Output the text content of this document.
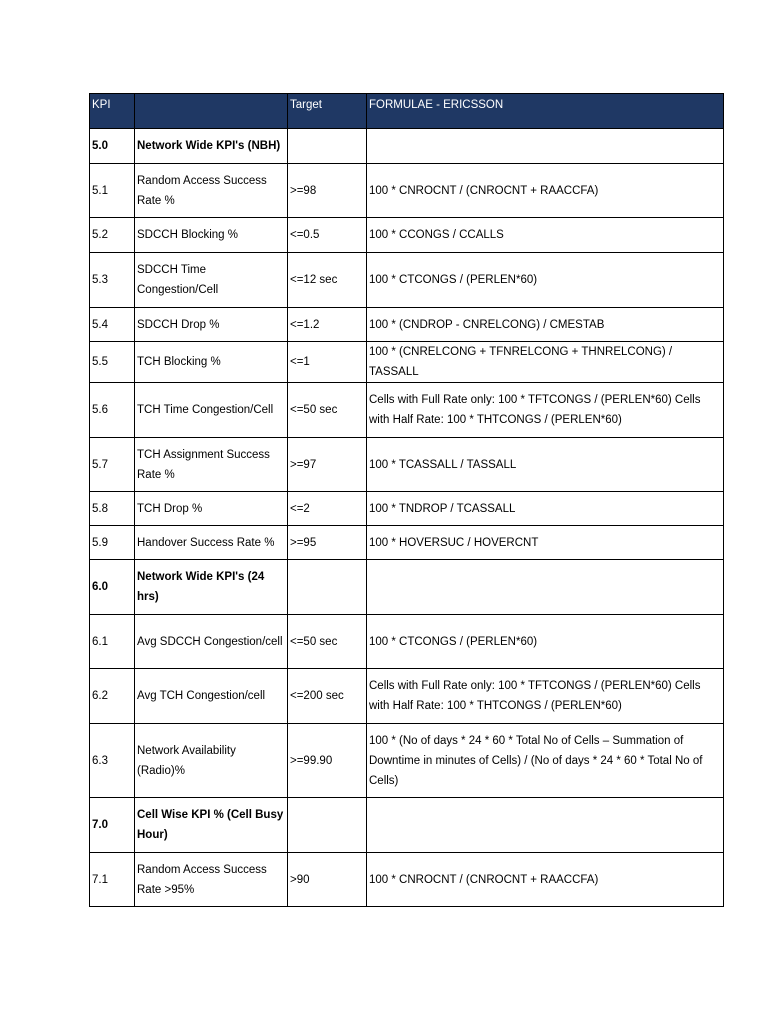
KPI		Target	FORMULAE - ERICSSON
5.0	Network Wide KPI's (NBH)		
5.1	Random Access Success Rate %	>=98	100 * CNROCNT / (CNROCNT + RAACCFA)
5.2	SDCCH Blocking %	<=0.5	100 * CCONGS / CCALLS
5.3	SDCCH Time Congestion/Cell	<=12 sec	100 * CTCONGS / (PERLEN*60)
5.4	SDCCH Drop %	<=1.2	100 * (CNDROP - CNRELCONG) / CMESTAB
5.5	TCH Blocking %	<=1	100 * (CNRELCONG + TFNRELCONG + THNRELCONG) / TASSALL
5.6	TCH Time Congestion/Cell	<=50 sec	Cells with Full Rate only: 100 * TFTCONGS / (PERLEN*60) Cells with Half Rate: 100 * THTCONGS / (PERLEN*60)
5.7	TCH Assignment Success Rate %	>=97	100 * TCASSALL / TASSALL
5.8	TCH Drop %	<=2	100 * TNDROP / TCASSALL
5.9	Handover Success Rate %	>=95	100 * HOVERSUC / HOVERCNT
6.0	Network Wide KPI's (24 hrs)		
6.1	Avg SDCCH Congestion/cell	<=50 sec	100 * CTCONGS / (PERLEN*60)
6.2	Avg TCH Congestion/cell	<=200 sec	Cells with Full Rate only: 100 * TFTCONGS / (PERLEN*60) Cells with Half Rate: 100 * THTCONGS / (PERLEN*60)
6.3	Network Availability (Radio)%	>=99.90	100 * (No of days * 24 * 60 * Total No of Cells – Summation of Downtime in minutes of Cells) / (No of days * 24 * 60 * Total No of Cells)
7.0	Cell Wise KPI % (Cell Busy Hour)		
7.1	Random Access Success Rate >95%	>90	100 * CNROCNT / (CNROCNT + RAACCFA)
